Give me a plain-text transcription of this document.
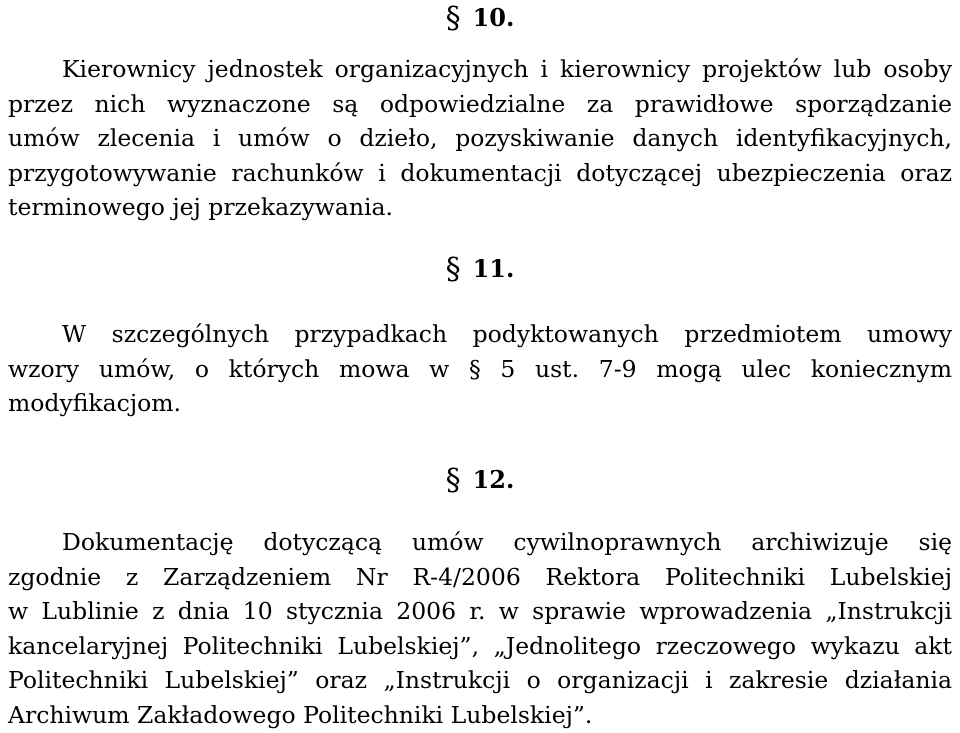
§ 10.
Kierownicy jednostek organizacyjnych i kierownicy projektów lub osoby
przez nich wyznaczone są odpowiedzialne za prawidłowe sporządzanie
umów zlecenia i umów o dzieło, pozyskiwanie danych identyfikacyjnych,
przygotowywanie rachunków i dokumentacji dotyczącej ubezpieczenia oraz
terminowego jej przekazywania.
§ 11.
W szczególnych przypadkach podyktowanych przedmiotem umowy
wzory umów, o których mowa w § 5 ust. 7-9 mogą ulec koniecznym
modyfikacjom.
§ 12.
Dokumentację dotyczącą umów cywilnoprawnych archiwizuje się
zgodnie z Zarządzeniem Nr R-4/2006 Rektora Politechniki Lubelskiej
w Lublinie z dnia 10 stycznia 2006 r. w sprawie wprowadzenia „Instrukcji
kancelaryjnej Politechniki Lubelskiej”, „Jednolitego rzeczowego wykazu akt
Politechniki Lubelskiej” oraz „Instrukcji o organizacji i zakresie działania
Archiwum Zakładowego Politechniki Lubelskiej”.
